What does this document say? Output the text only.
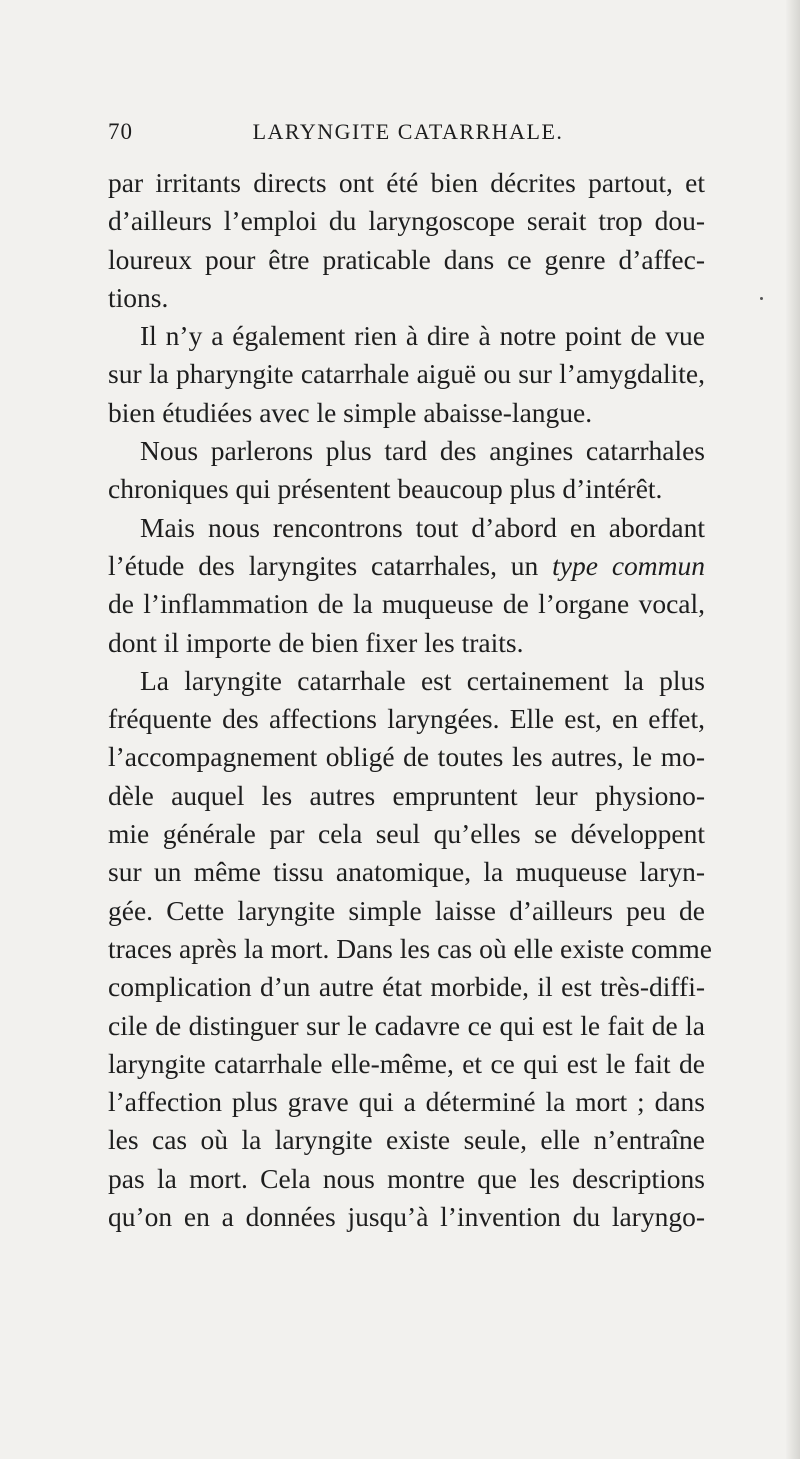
70	LARYNGITE CATARRHALE.
par irritants directs ont été bien décrites partout, et
d’ailleurs l’emploi du laryngoscope serait trop dou-
loureux pour être praticable dans ce genre d’affec-
tions.
Il n’y a également rien à dire à notre point de vue
sur la pharyngite catarrhale aiguë ou sur l’amygdalite,
bien étudiées avec le simple abaisse-langue.
Nous parlerons plus tard des angines catarrhales
chroniques qui présentent beaucoup plus d’intérêt.
Mais nous rencontrons tout d’abord en abordant
l’étude des laryngites catarrhales, un type commun
de l’inflammation de la muqueuse de l’organe vocal,
dont il importe de bien fixer les traits.
La laryngite catarrhale est certainement la plus
fréquente des affections laryngées. Elle est, en effet,
l’accompagnement obligé de toutes les autres, le mo-
dèle auquel les autres empruntent leur physiono-
mie générale par cela seul qu’elles se développent
sur un même tissu anatomique, la muqueuse laryn-
gée. Cette laryngite simple laisse d’ailleurs peu de
traces après la mort. Dans les cas où elle existe comme
complication d’un autre état morbide, il est très-diffi-
cile de distinguer sur le cadavre ce qui est le fait de la
laryngite catarrhale elle-même, et ce qui est le fait de
l’affection plus grave qui a déterminé la mort ; dans
les cas où la laryngite existe seule, elle n’entraîne
pas la mort. Cela nous montre que les descriptions
qu’on en a données jusqu’à l’invention du laryngo-
